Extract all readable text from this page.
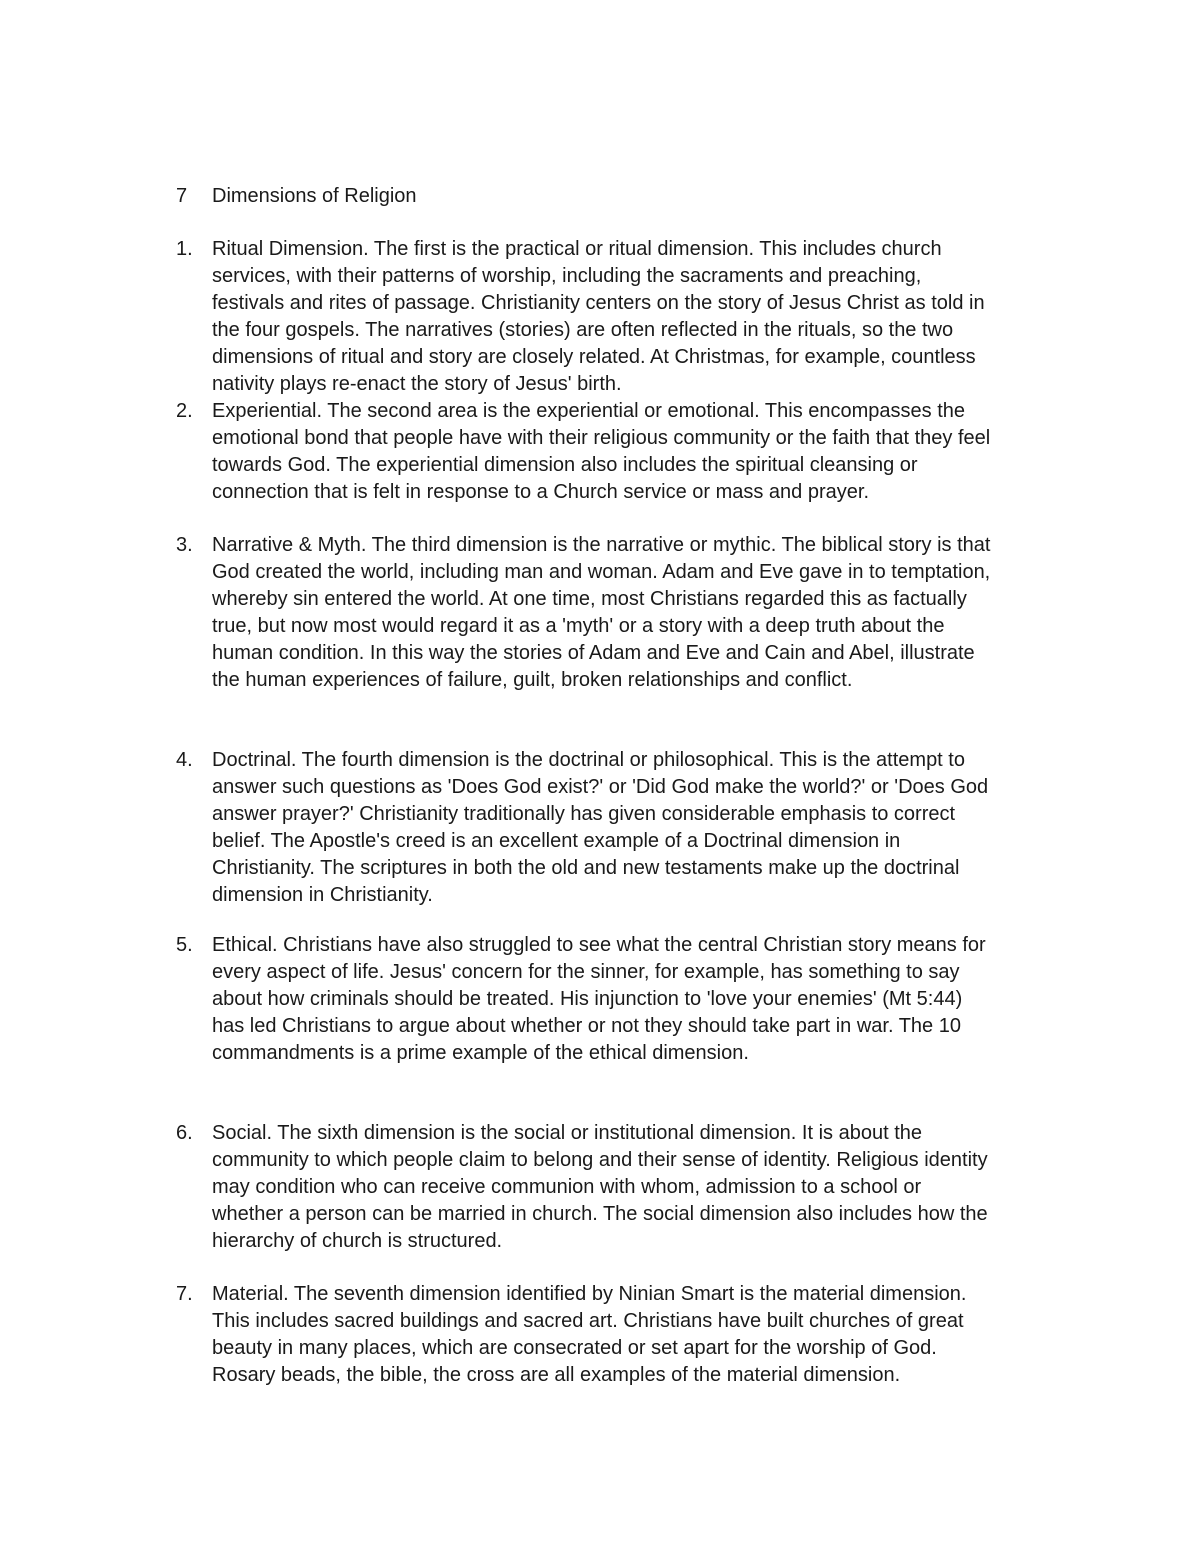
7	Dimensions of Religion
1. Ritual Dimension. The first is the practical or ritual dimension. This includes church
services, with their patterns of worship, including the sacraments and preaching,
festivals and rites of passage. Christianity centers on the story of Jesus Christ as told in
the four gospels. The narratives (stories) are often reflected in the rituals, so the two
dimensions of ritual and story are closely related. At Christmas, for example, countless
nativity plays re-enact the story of Jesus' birth.
2. Experiential. The second area is the experiential or emotional. This encompasses the
emotional bond that people have with their religious community or the faith that they feel
towards God. The experiential dimension also includes the spiritual cleansing or
connection that is felt in response to a Church service or mass and prayer.
3. Narrative & Myth. The third dimension is the narrative or mythic. The biblical story is that
God created the world, including man and woman. Adam and Eve gave in to temptation,
whereby sin entered the world. At one time, most Christians regarded this as factually
true, but now most would regard it as a 'myth' or a story with a deep truth about the
human condition. In this way the stories of Adam and Eve and Cain and Abel, illustrate
the human experiences of failure, guilt, broken relationships and conflict.
4. Doctrinal. The fourth dimension is the doctrinal or philosophical. This is the attempt to
answer such questions as 'Does God exist?' or 'Did God make the world?' or 'Does God
answer prayer?' Christianity traditionally has given considerable emphasis to correct
belief. The Apostle's creed is an excellent example of a Doctrinal dimension in
Christianity. The scriptures in both the old and new testaments make up the doctrinal
dimension in Christianity.
5. Ethical. Christians have also struggled to see what the central Christian story means for
every aspect of life. Jesus' concern for the sinner, for example, has something to say
about how criminals should be treated. His injunction to 'love your enemies' (Mt 5:44)
has led Christians to argue about whether or not they should take part in war. The 10
commandments is a prime example of the ethical dimension.
6. Social. The sixth dimension is the social or institutional dimension. It is about the
community to which people claim to belong and their sense of identity. Religious identity
may condition who can receive communion with whom, admission to a school or
whether a person can be married in church. The social dimension also includes how the
hierarchy of church is structured.
7. Material. The seventh dimension identified by Ninian Smart is the material dimension.
This includes sacred buildings and sacred art. Christians have built churches of great
beauty in many places, which are consecrated or set apart for the worship of God.
Rosary beads, the bible, the cross are all examples of the material dimension.
